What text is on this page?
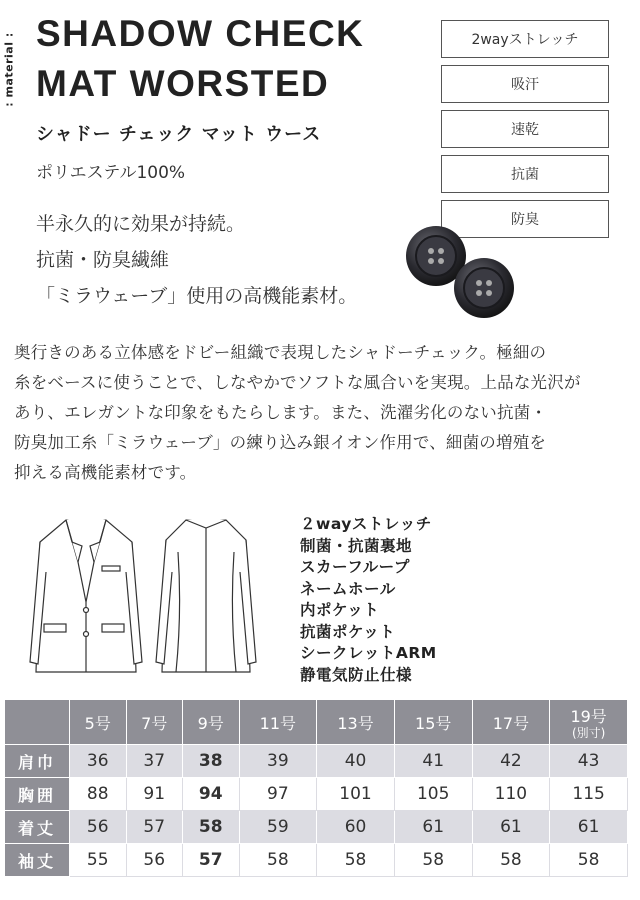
: material : SHADOW CHECK
MAT WORSTED
シャドー チェック マット ウース
ポリエステル100%
半永久的に効果が持続。
抗菌・防臭繊維
「ミラウェーブ」使用の高機能素材。
2wayストレッチ
吸汗
速乾
抗菌
防臭
奥行きのある立体感をドビー組織で表現したシャドーチェック。極細の
糸をベースに使うことで、しなやかでソフトな風合いを実現。上品な光沢が
あり、エレガントな印象をもたらします。また、洗濯劣化のない抗菌・
防臭加工糸「ミラウェーブ」の練り込み銀イオン作用で、細菌の増殖を
抑える高機能素材です。
２wayストレッチ
制菌・抗菌裏地
スカーフループ
ネームホール
内ポケット
抗菌ポケット
シークレットARM
静電気防止仕様
	5号	7号	9号	11号	13号	15号	17号	19号
(別寸)

肩巾	36	37	38	39	40	41	42	43
胸囲	88	91	94	97	101	105	110	115
着丈	56	57	58	59	60	61	61	61
袖丈	55	56	57	58	58	58	58	58
